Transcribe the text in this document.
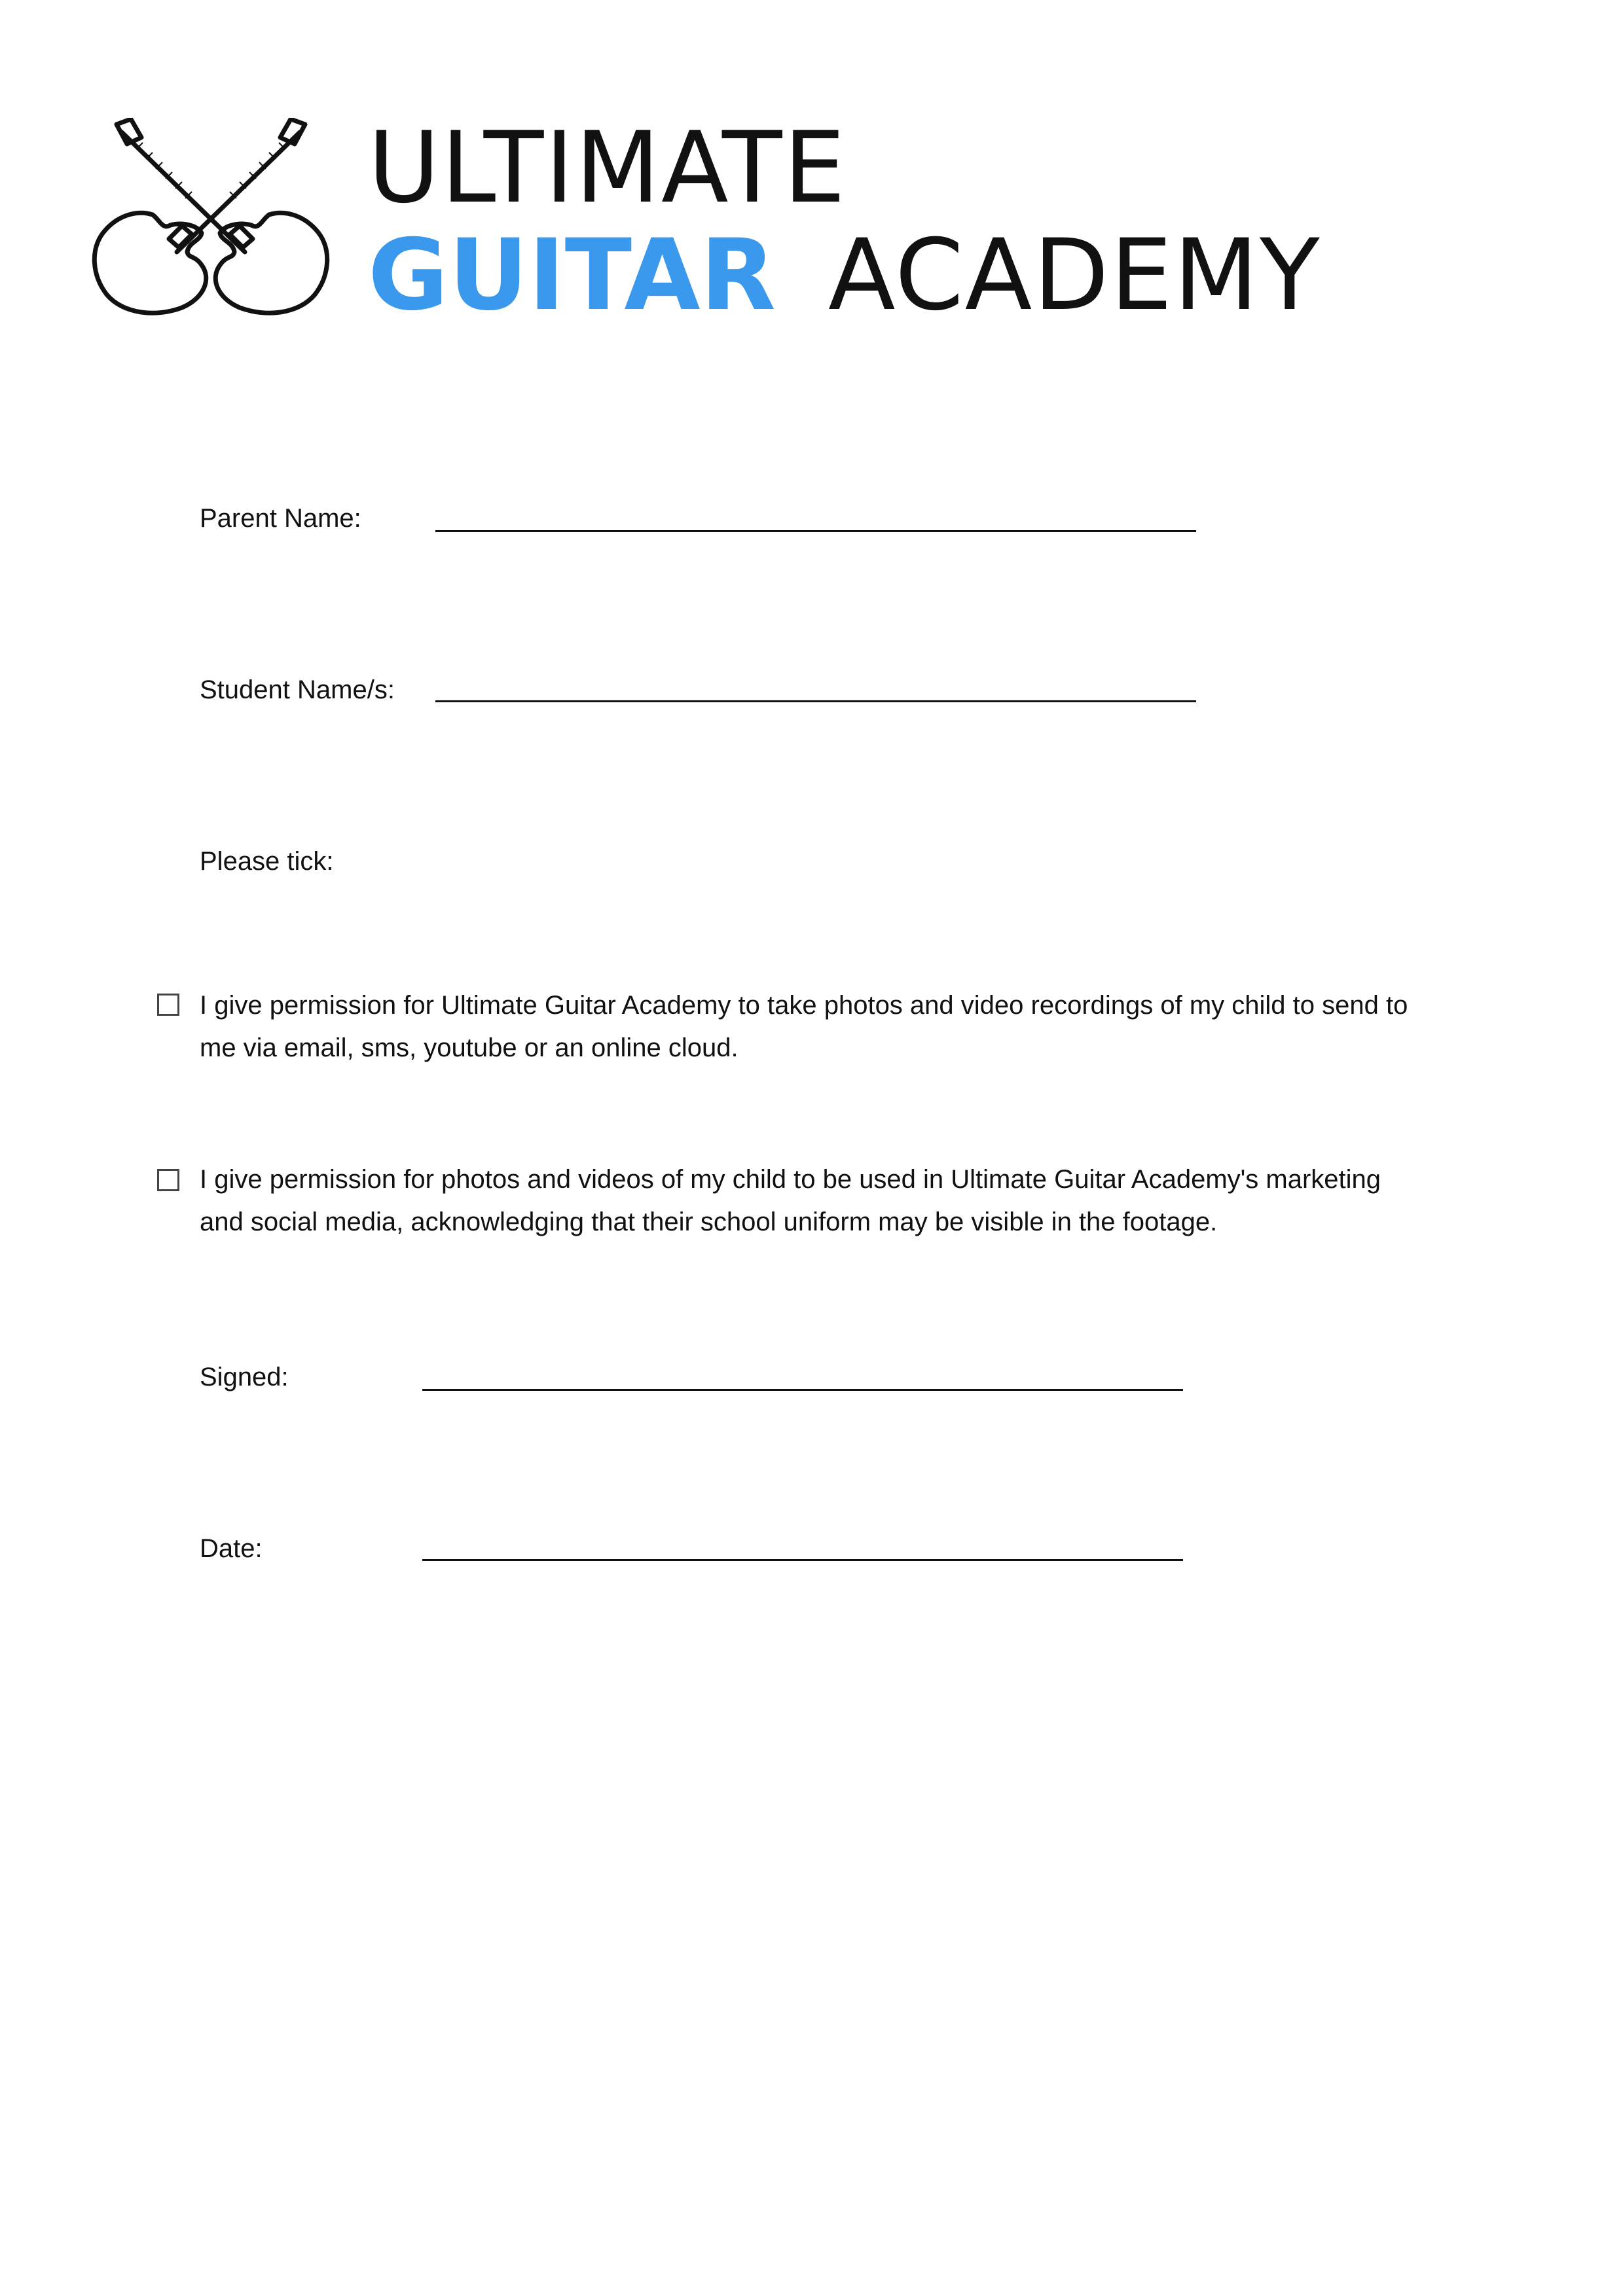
ULTIMATE
GUITAR ACADEMY
Parent Name:
Student Name/s:
Please tick:
I give permission for Ultimate Guitar Academy to take photos and video recordings of my child to send to
me via email, sms, youtube or an online cloud.
I give permission for photos and videos of my child to be used in Ultimate Guitar Academy's marketing
and social media, acknowledging that their school uniform may be visible in the footage.
Signed:
Date:
